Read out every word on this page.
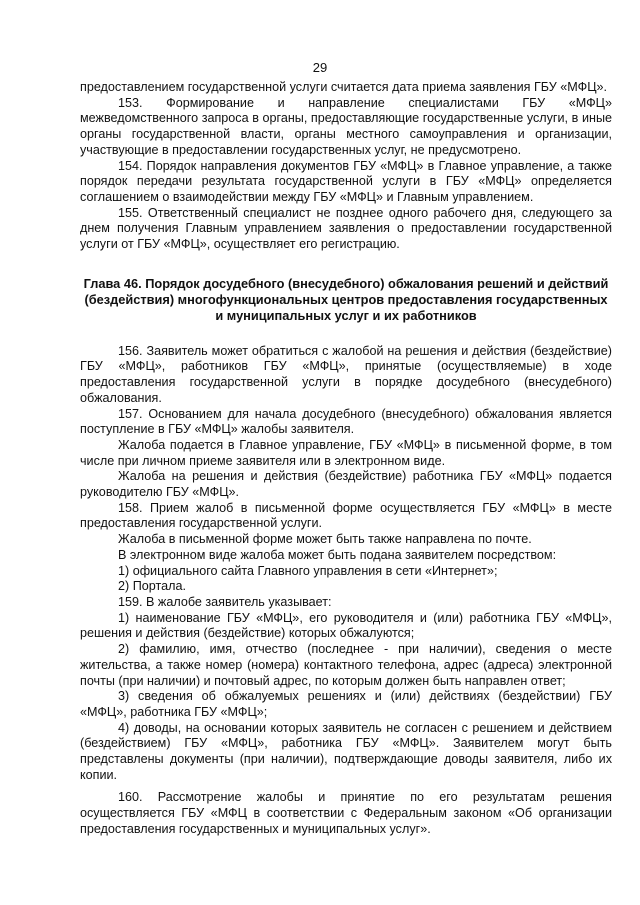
29

предоставлением государственной услуги считается дата приема заявления ГБУ «МФЦ».

153. Формирование и направление специалистами ГБУ «МФЦ» межведомственного запроса в органы, предоставляющие государственные услуги, в иные органы государственной власти, органы местного самоуправления и организации, участвующие в предоставлении государственных услуг, не предусмотрено.

154. Порядок направления документов ГБУ «МФЦ» в Главное управление, а также порядок передачи результата государственной услуги в ГБУ «МФЦ» определяется соглашением о взаимодействии между ГБУ «МФЦ» и Главным управлением.

155. Ответственный специалист не позднее одного рабочего дня, следующего за днем получения Главным управлением заявления о предоставлении государственной услуги от ГБУ «МФЦ», осуществляет его регистрацию.

Глава 46. Порядок досудебного (внесудебного) обжалования решений и действий (бездействия) многофункциональных центров предоставления государственных и муниципальных услуг и их работников

156. Заявитель может обратиться с жалобой на решения и действия (бездействие) ГБУ «МФЦ», работников ГБУ «МФЦ», принятые (осуществляемые) в ходе предоставления государственной услуги в порядке досудебного (внесудебного) обжалования.

157. Основанием для начала досудебного (внесудебного) обжалования является поступление в ГБУ «МФЦ» жалобы заявителя.

Жалоба подается в Главное управление, ГБУ «МФЦ» в письменной форме, в том числе при личном приеме заявителя или в электронном виде.

Жалоба на решения и действия (бездействие) работника ГБУ «МФЦ» подается руководителю ГБУ «МФЦ».

158. Прием жалоб в письменной форме осуществляется ГБУ «МФЦ» в месте предоставления государственной услуги.

Жалоба в письменной форме может быть также направлена по почте.

В электронном виде жалоба может быть подана заявителем посредством:

1) официального сайта Главного управления в сети «Интернет»;

2) Портала.

159. В жалобе заявитель указывает:

1) наименование ГБУ «МФЦ», его руководителя и (или) работника ГБУ «МФЦ», решения и действия (бездействие) которых обжалуются;

2) фамилию, имя, отчество (последнее - при наличии), сведения о месте жительства, а также номер (номера) контактного телефона, адрес (адреса) электронной почты (при наличии) и почтовый адрес, по которым должен быть направлен ответ;

3) сведения об обжалуемых решениях и (или) действиях (бездействии) ГБУ «МФЦ», работника ГБУ «МФЦ»;

4) доводы, на основании которых заявитель не согласен с решением и действием (бездействием) ГБУ «МФЦ», работника ГБУ «МФЦ». Заявителем могут быть представлены документы (при наличии), подтверждающие доводы заявителя, либо их копии.

160. Рассмотрение жалобы и принятие по его результатам решения осуществляется ГБУ «МФЦ в соответствии с Федеральным законом «Об организации предоставления государственных и муниципальных услуг».
